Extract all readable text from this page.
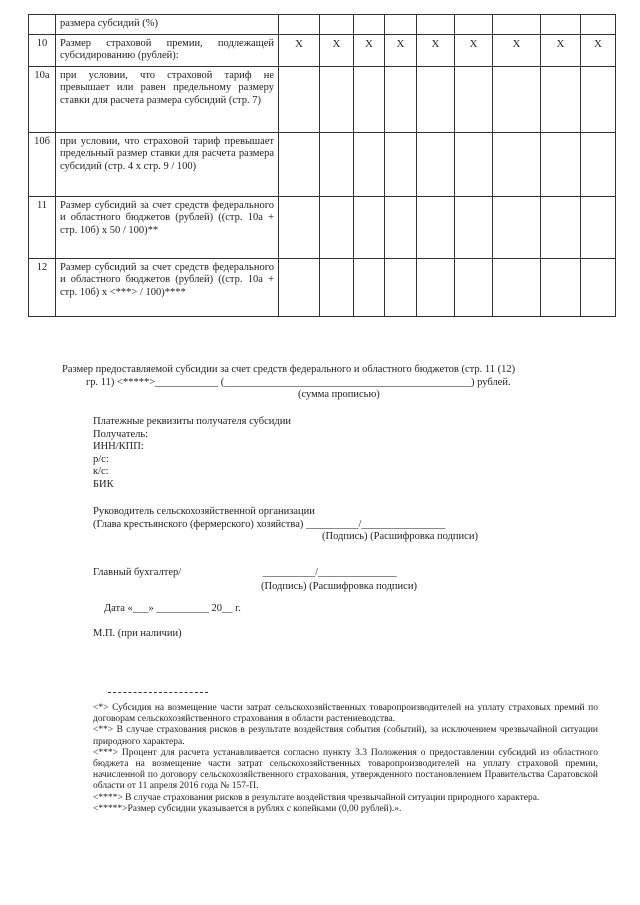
	размера субсидий (%)									
10	Размер страховой премии, подлежащей субсидированию (рублей):	X	X	X	X	X	X	X	X	X
10а	при условии, что страховой тариф не превышает или равен предельному размеру ставки для расчета размера субсидий (стр. 7)									
10б	при условии, что страховой тариф превышает предельный размер ставки для расчета размера субсидий (стр. 4 x стр. 9 / 100)									
11	Размер субсидий за счет средств федерального и областного бюджетов (рублей) ((стр. 10а + стр. 10б) x 50 / 100)**									
12	Размер субсидий за счет средств федерального и областного бюджетов (рублей) ((стр. 10а + стр. 10б) x <***> / 100)****									
Размер предоставляемой субсидии за счет средств федерального и областного бюджетов (стр. 11 (12)
гр. 11) <*****>____________ (_______________________________________________) рублей.
(сумма прописью)
Платежные реквизиты получателя субсидии
Получатель:
ИНН/КПП:
р/с:
к/с:
БИК
Руководитель сельскохозяйственной организации
(Глава крестьянского (фермерского) хозяйства) __________/________________
(Подпись) (Расшифровка подписи)
Главный бухгалтер/                               __________/_______________
(Подпись) (Расшифровка подписи)
Дата «___» __________ 20__ г.
М.П. (при наличии)

<*> Субсидия на возмещение части затрат сельскохозяйственных товаропроизводителей на уплату страховых премий по договорам сельскохозяйственного страхования в области растениеводства.

<**> В случае страхования рисков в результате воздействия события (событий), за исключением чрезвычайной ситуации природного характера.

<***> Процент для расчета устанавливается согласно пункту 3.3 Положения о предоставлении субсидий из областного бюджета на возмещение части затрат сельскохозяйственных товаропроизводителей на уплату страховой премии, начисленной по договору сельскохозяйственного страхования, утвержденного постановлением Правительства Саратовской области от 11 апреля 2016 года № 157-П.

<****> В случае страхования рисков в результате воздействия чрезвычайной ситуации природного характера.

<*****>Размер субсидии указывается в рублях с копейками (0,00 рублей).».
